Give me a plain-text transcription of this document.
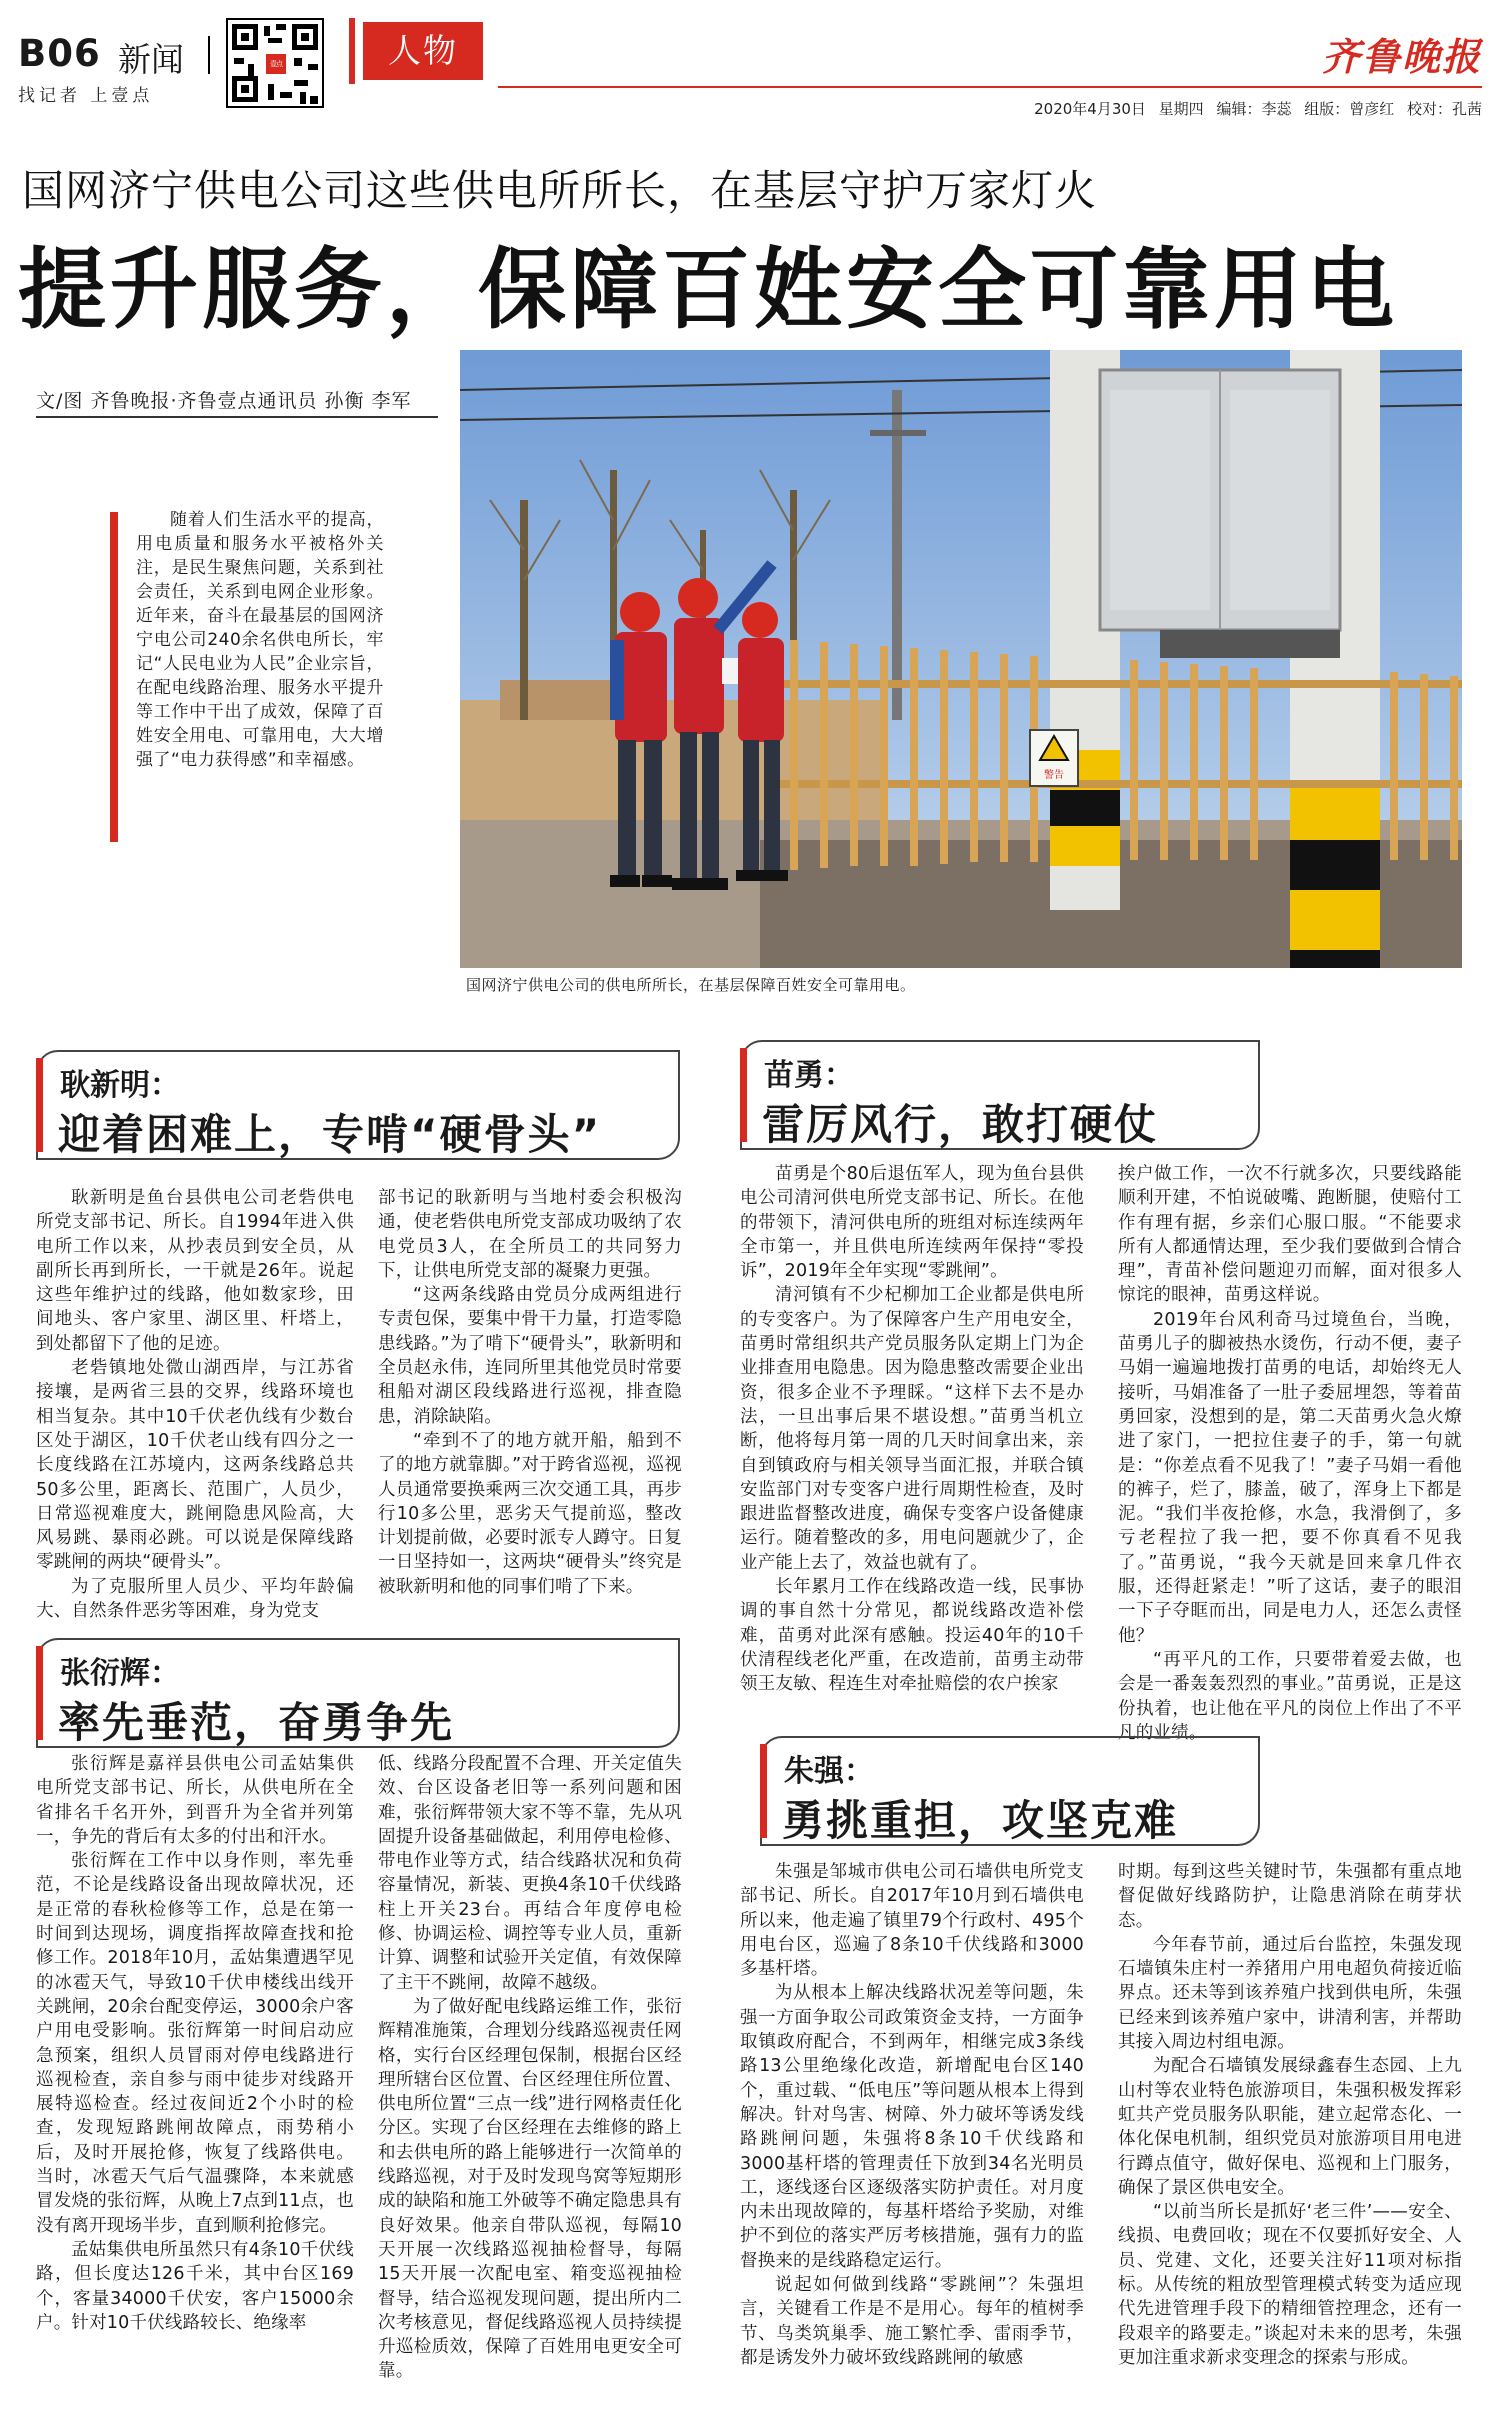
B06 新闻
找记者 上壹点
壹点	人物	齐鲁晚报
2020年4月30日 星期四 编辑：李蕊 组版：曾彦红 校对：孔茜
国网济宁供电公司这些供电所所长，在基层守护万家灯火
提升服务，保障百姓安全可靠用电
文/图 齐鲁晚报·齐鲁壹点通讯员 孙衡 李军
随着人们生活水平的提高，用电质量和服务水平被格外关注，是民生聚焦问题，关系到社会责任，关系到电网企业形象。近年来，奋斗在最基层的国网济宁电公司240余名供电所长，牢记“人民电业为人民”企业宗旨，在配电线路治理、服务水平提升等工作中干出了成效，保障了百姓安全用电、可靠用电，大大增强了“电力获得感”和幸福感。
警告
国网济宁供电公司的供电所所长，在基层保障百姓安全可靠用电。
耿新明：
迎着困难上，专啃“硬骨头”

耿新明是鱼台县供电公司老砦供电所党支部书记、所长。自1994年进入供电所工作以来，从抄表员到安全员，从副所长再到所长，一干就是26年。说起这些年维护过的线路，他如数家珍，田间地头、客户家里、湖区里、杆塔上，到处都留下了他的足迹。

老砦镇地处微山湖西岸，与江苏省接壤，是两省三县的交界，线路环境也相当复杂。其中10千伏老仇线有少数台区处于湖区，10千伏老山线有四分之一长度线路在江苏境内，这两条线路总共50多公里，距离长、范围广，人员少，日常巡视难度大，跳闸隐患风险高，大风易跳、暴雨必跳。可以说是保障线路零跳闸的两块“硬骨头”。

为了克服所里人员少、平均年龄偏大、自然条件恶劣等困难，身为党支

部书记的耿新明与当地村委会积极沟通，使老砦供电所党支部成功吸纳了农电党员3人，在全所员工的共同努力下，让供电所党支部的凝聚力更强。

“这两条线路由党员分成两组进行专责包保，要集中骨干力量，打造零隐患线路。”为了啃下“硬骨头”，耿新明和全员赵永伟，连同所里其他党员时常要租船对湖区段线路进行巡视，排查隐患，消除缺陷。

“牵到不了的地方就开船，船到不了的地方就靠脚。”对于跨省巡视，巡视人员通常要换乘两三次交通工具，再步行10多公里，恶劣天气提前巡，整改计划提前做，必要时派专人蹲守。日复一日坚持如一，这两块“硬骨头”终究是被耿新明和他的同事们啃了下来。

张衍辉：
率先垂范，奋勇争先

张衍辉是嘉祥县供电公司孟姑集供电所党支部书记、所长，从供电所在全省排名千名开外，到晋升为全省并列第一，争先的背后有太多的付出和汗水。

张衍辉在工作中以身作则，率先垂范，不论是线路设备出现故障状况，还是正常的春秋检修等工作，总是在第一时间到达现场，调度指挥故障查找和抢修工作。2018年10月，孟姑集遭遇罕见的冰雹天气，导致10千伏申楼线出线开关跳闸，20余台配变停运，3000余户客户用电受影响。张衍辉第一时间启动应急预案，组织人员冒雨对停电线路进行巡视检查，亲自参与雨中徒步对线路开展特巡检查。经过夜间近2个小时的检查，发现短路跳闸故障点，雨势稍小后，及时开展抢修，恢复了线路供电。当时，冰雹天气后气温骤降，本来就感冒发烧的张衍辉，从晚上7点到11点，也没有离开现场半步，直到顺利抢修完。

孟姑集供电所虽然只有4条10千伏线路，但长度达126千米，其中台区169个，客量34000千伏安，客户15000余户。针对10千伏线路较长、绝缘率

低、线路分段配置不合理、开关定值失效、台区设备老旧等一系列问题和困难，张衍辉带领大家不等不靠，先从巩固提升设备基础做起，利用停电检修、带电作业等方式，结合线路状况和负荷容量情况，新装、更换4条10千伏线路柱上开关23台。再结合年度停电检修、协调运检、调控等专业人员，重新计算、调整和试验开关定值，有效保障了主干不跳闸，故障不越级。

为了做好配电线路运维工作，张衍辉精准施策，合理划分线路巡视责任网格，实行台区经理包保制，根据台区经理所辖台区位置、台区经理住所位置、供电所位置“三点一线”进行网格责任化分区。实现了台区经理在去维修的路上和去供电所的路上能够进行一次简单的线路巡视，对于及时发现鸟窝等短期形成的缺陷和施工外破等不确定隐患具有良好效果。他亲自带队巡视，每隔10天开展一次线路巡视抽检督导，每隔15天开展一次配电室、箱变巡视抽检督导，结合巡视发现问题，提出所内二次考核意见，督促线路巡视人员持续提升巡检质效，保障了百姓用电更安全可靠。

苗勇：
雷厉风行，敢打硬仗

苗勇是个80后退伍军人，现为鱼台县供电公司清河供电所党支部书记、所长。在他的带领下，清河供电所的班组对标连续两年全市第一，并且供电所连续两年保持“零投诉”，2019年全年实现“零跳闸”。

清河镇有不少杞柳加工企业都是供电所的专变客户。为了保障客户生产用电安全，苗勇时常组织共产党员服务队定期上门为企业排查用电隐患。因为隐患整改需要企业出资，很多企业不予理睬。“这样下去不是办法，一旦出事后果不堪设想。”苗勇当机立断，他将每月第一周的几天时间拿出来，亲自到镇政府与相关领导当面汇报，并联合镇安监部门对专变客户进行周期性检查，及时跟进监督整改进度，确保专变客户设备健康运行。随着整改的多，用电问题就少了，企业产能上去了，效益也就有了。

长年累月工作在线路改造一线，民事协调的事自然十分常见，都说线路改造补偿难，苗勇对此深有感触。投运40年的10千伏清程线老化严重，在改造前，苗勇主动带领王友敏、程连生对牵扯赔偿的农户挨家

挨户做工作，一次不行就多次，只要线路能顺利开建，不怕说破嘴、跑断腿，使赔付工作有理有据，乡亲们心服口服。“不能要求所有人都通情达理，至少我们要做到合情合理”，青苗补偿问题迎刃而解，面对很多人惊诧的眼神，苗勇这样说。

2019年台风利奇马过境鱼台，当晚，苗勇儿子的脚被热水烫伤，行动不便，妻子马娟一遍遍地拨打苗勇的电话，却始终无人接听，马娟准备了一肚子委屈埋怨，等着苗勇回家，没想到的是，第二天苗勇火急火燎进了家门，一把拉住妻子的手，第一句就是：“你差点看不见我了！”妻子马娟一看他的裤子，烂了，膝盖，破了，浑身上下都是泥。“我们半夜抢修，水急，我滑倒了，多亏老程拉了我一把，要不你真看不见我了。”苗勇说，“我今天就是回来拿几件衣服，还得赶紧走！”听了这话，妻子的眼泪一下子夺眶而出，同是电力人，还怎么责怪他？

“再平凡的工作，只要带着爱去做，也会是一番轰轰烈烈的事业。”苗勇说，正是这份执着，也让他在平凡的岗位上作出了不平凡的业绩。

朱强：
勇挑重担，攻坚克难

朱强是邹城市供电公司石墙供电所党支部书记、所长。自2017年10月到石墙供电所以来，他走遍了镇里79个行政村、495个用电台区，巡遍了8条10千伏线路和3000多基杆塔。

为从根本上解决线路状况差等问题，朱强一方面争取公司政策资金支持，一方面争取镇政府配合，不到两年，相继完成3条线路13公里绝缘化改造，新增配电台区140个，重过载、“低电压”等问题从根本上得到解决。针对鸟害、树障、外力破坏等诱发线路跳闸问题，朱强将8条10千伏线路和3000基杆塔的管理责任下放到34名光明员工，逐线逐台区逐级落实防护责任。对月度内未出现故障的，每基杆塔给予奖励，对维护不到位的落实严厉考核措施，强有力的监督换来的是线路稳定运行。

说起如何做到线路“零跳闸”？朱强坦言，关键看工作是不是用心。每年的植树季节、鸟类筑巢季、施工繁忙季、雷雨季节，都是诱发外力破坏致线路跳闸的敏感

时期。每到这些关键时节，朱强都有重点地督促做好线路防护，让隐患消除在萌芽状态。

今年春节前，通过后台监控，朱强发现石墙镇朱庄村一养猪用户用电超负荷接近临界点。还未等到该养殖户找到供电所，朱强已经来到该养殖户家中，讲清利害，并帮助其接入周边村组电源。

为配合石墙镇发展绿鑫春生态园、上九山村等农业特色旅游项目，朱强积极发挥彩虹共产党员服务队职能，建立起常态化、一体化保电机制，组织党员对旅游项目用电进行蹲点值守，做好保电、巡视和上门服务，确保了景区供电安全。

“以前当所长是抓好‘老三件’——安全、线损、电费回收；现在不仅要抓好安全、人员、党建、文化，还要关注好11项对标指标。从传统的粗放型管理模式转变为适应现代先进管理手段下的精细管控理念，还有一段艰辛的路要走。”谈起对未来的思考，朱强更加注重求新求变理念的探索与形成。
